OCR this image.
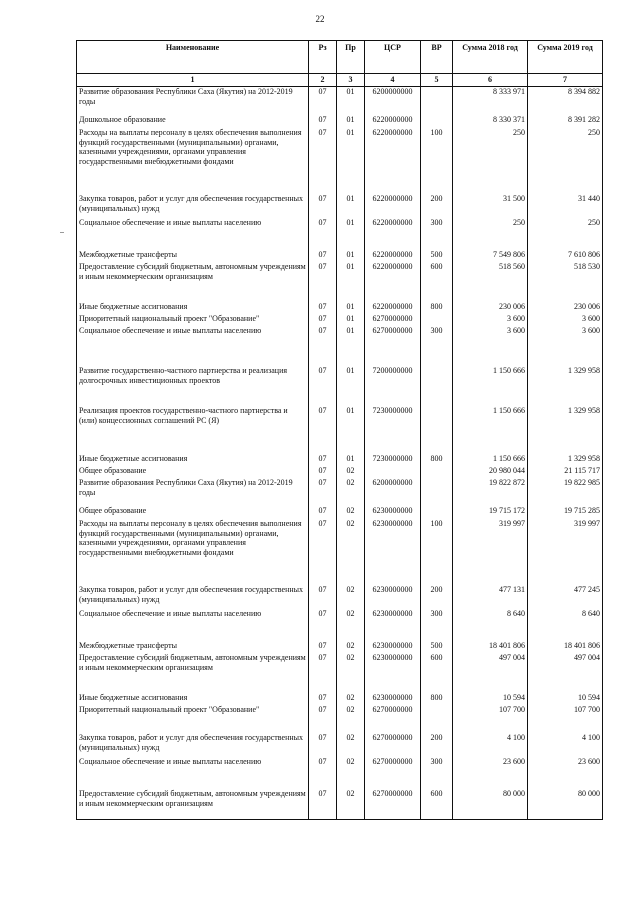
22
Наименование	Рз	Пр	ЦСР	ВР	Сумма 2018 год	Сумма 2019 год
1	2	3	4	5	6	7
Развитие образования Республики Саха (Якутия) на 2012-2019 годы	07	01	6200000000		8 333 971	8 394 882
Дошкольное образование	07	01	6220000000		8 330 371	8 391 282
Расходы на выплаты персоналу в целях обеспечения выполнения функций государственными (муниципальными) органами, казенными учреждениями, органами управления государственными внебюджетными фондами	07	01	6220000000	100	250	250
Закупка товаров, работ и услуг для обеспечения государственных (муниципальных) нужд	07	01	6220000000	200	31 500	31 440
Социальное обеспечение и иные выплаты населению	07	01	6220000000	300	250	250
Межбюджетные трансферты	07	01	6220000000	500	7 549 806	7 610 806
Предоставление субсидий бюджетным, автономным учреждениям и иным некоммерческим организациям	07	01	6220000000	600	518 560	518 530
Иные бюджетные ассигнования	07	01	6220000000	800	230 006	230 006
Приоритетный национальный проект "Образование"	07	01	6270000000		3 600	3 600
Социальное обеспечение и иные выплаты населению	07	01	6270000000	300	3 600	3 600
Развитие государственно-частного партнерства и реализация долгосрочных инвестиционных проектов	07	01	7200000000		1 150 666	1 329 958
Реализация проектов государственно-частного партнерства и (или) концессионных соглашений РС (Я)	07	01	7230000000		1 150 666	1 329 958
Иные бюджетные ассигнования	07	01	7230000000	800	1 150 666	1 329 958
Общее образование	07	02			20 980 044	21 115 717
Развитие образования Республики Саха (Якутия) на 2012-2019 годы	07	02	6200000000		19 822 872	19 822 985
Общее образование	07	02	6230000000		19 715 172	19 715 285
Расходы на выплаты персоналу в целях обеспечения выполнения функций государственными (муниципальными) органами, казенными учреждениями, органами управления государственными внебюджетными фондами	07	02	6230000000	100	319 997	319 997
Закупка товаров, работ и услуг для обеспечения государственных (муниципальных) нужд	07	02	6230000000	200	477 131	477 245
Социальное обеспечение и иные выплаты населению	07	02	6230000000	300	8 640	8 640
Межбюджетные трансферты	07	02	6230000000	500	18 401 806	18 401 806
Предоставление субсидий бюджетным, автономным учреждениям и иным некоммерческим организациям	07	02	6230000000	600	497 004	497 004
Иные бюджетные ассигнования	07	02	6230000000	800	10 594	10 594
Приоритетный национальный проект "Образование"	07	02	6270000000		107 700	107 700
Закупка товаров, работ и услуг для обеспечения государственных (муниципальных) нужд	07	02	6270000000	200	4 100	4 100
Социальное обеспечение и иные выплаты населению	07	02	6270000000	300	23 600	23 600
Предоставление субсидий бюджетным, автономным учреждениям и иным некоммерческим организациям	07	02	6270000000	600	80 000	80 000
